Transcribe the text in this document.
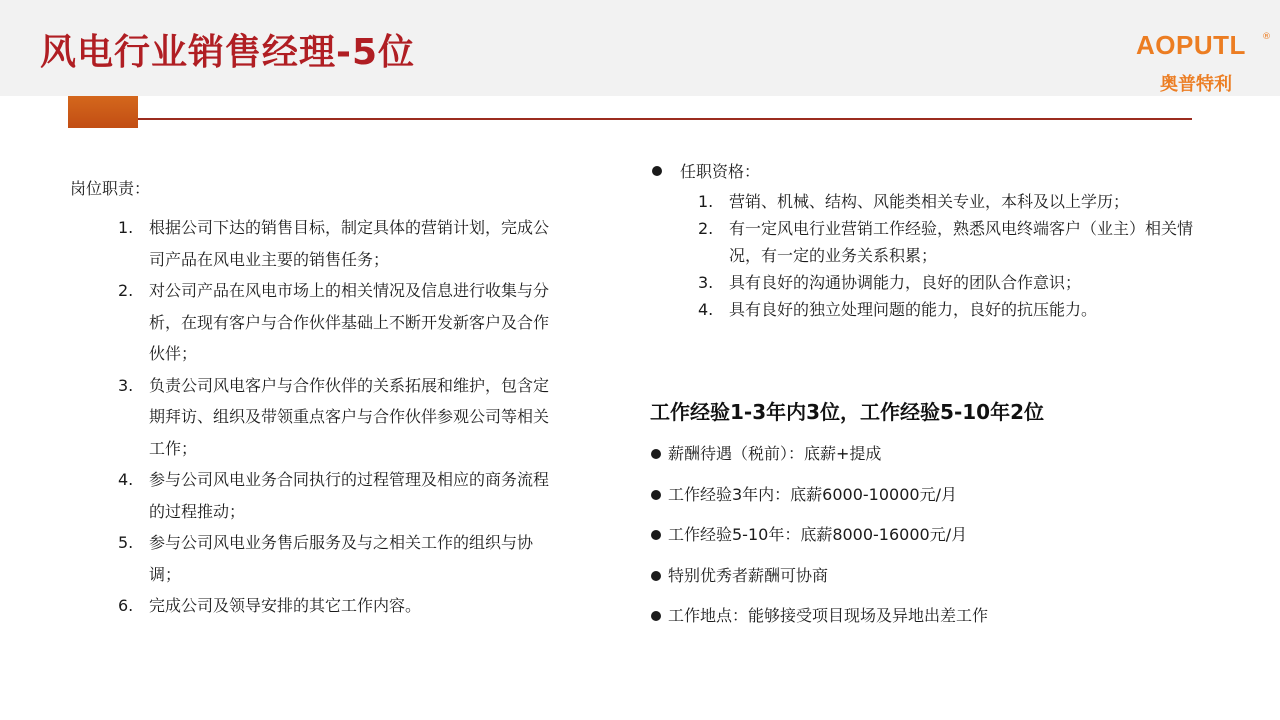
风电行业销售经理-5位	AOPUTL ®
奥普特利
岗位职责：
1. 根据公司下达的销售目标，制定具体的营销计划，完成公司产品在风电业主要的销售任务；
2. 对公司产品在风电市场上的相关情况及信息进行收集与分析，在现有客户与合作伙伴基础上不断开发新客户及合作伙伴；
3. 负责公司风电客户与合作伙伴的关系拓展和维护，包含定期拜访、组织及带领重点客户与合作伙伴参观公司等相关工作；
4. 参与公司风电业务合同执行的过程管理及相应的商务流程的过程推动；
5. 参与公司风电业务售后服务及与之相关工作的组织与协调；
6. 完成公司及领导安排的其它工作内容。
任职资格：
1. 营销、机械、结构、风能类相关专业，本科及以上学历；
2. 有一定风电行业营销工作经验，熟悉风电终端客户（业主）相关情况，有一定的业务关系积累；
3. 具有良好的沟通协调能力，良好的团队合作意识；
4. 具有良好的独立处理问题的能力，良好的抗压能力。
工作经验1-3年内3位，工作经验5-10年2位
薪酬待遇（税前）：底薪+提成
工作经验3年内：底薪6000-10000元/月
工作经验5-10年：底薪8000-16000元/月
特别优秀者薪酬可协商
工作地点：能够接受项目现场及异地出差工作
